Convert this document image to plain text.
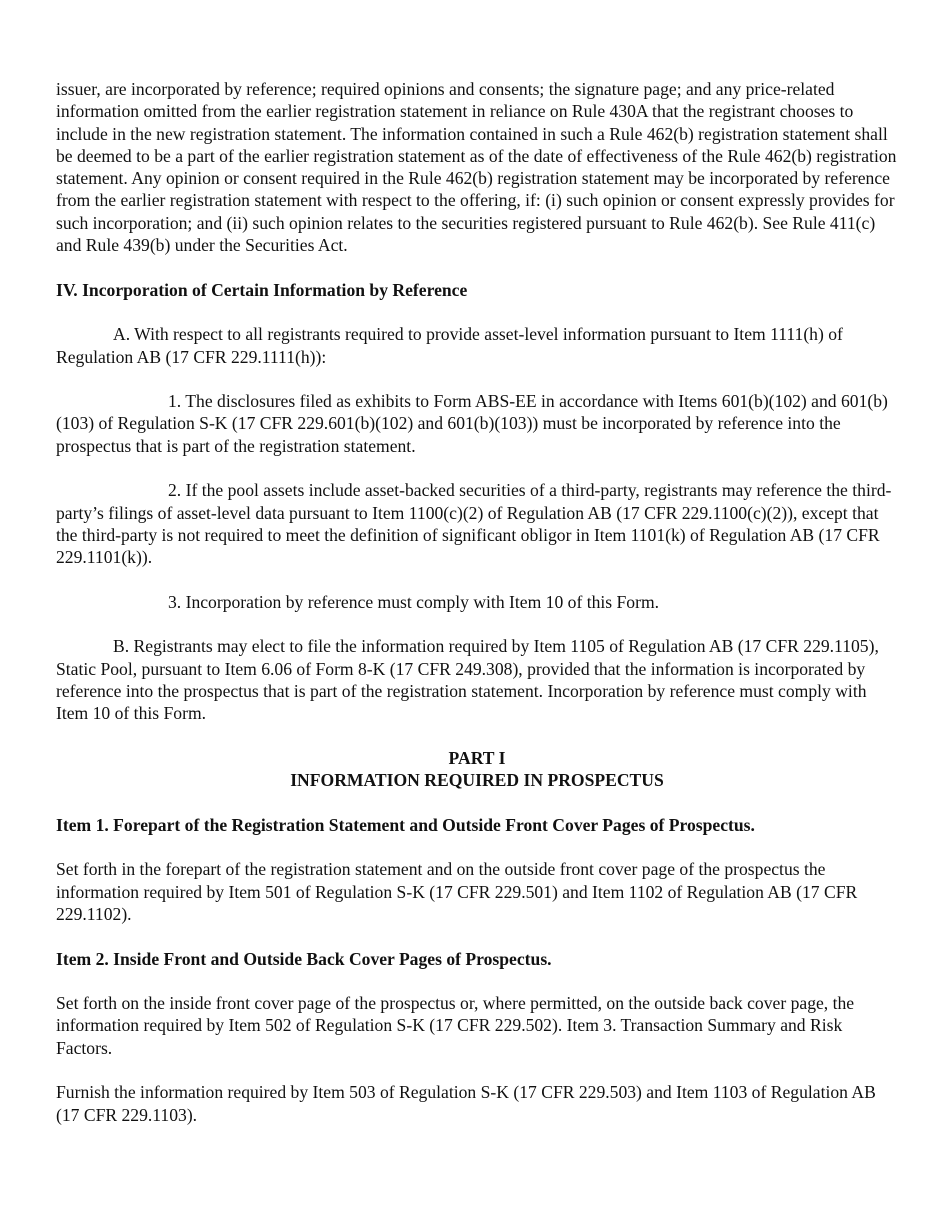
issuer, are incorporated by reference; required opinions and consents; the signature page; and any price-related information omitted from the earlier registration statement in reliance on Rule 430A that the registrant chooses to include in the new registration statement. The information contained in such a Rule 462(b) registration statement shall be deemed to be a part of the earlier registration statement as of the date of effectiveness of the Rule 462(b) registration statement. Any opinion or consent required in the Rule 462(b) registration statement may be incorporated by reference from the earlier registration statement with respect to the offering, if: (i) such opinion or consent expressly provides for such incorporation; and (ii) such opinion relates to the securities registered pursuant to Rule 462(b). See Rule 411(c) and Rule 439(b) under the Securities Act.

IV. Incorporation of Certain Information by Reference

A. With respect to all registrants required to provide asset-level information pursuant to Item 1111(h) of Regulation AB (17 CFR 229.1111(h)):

1. The disclosures filed as exhibits to Form ABS-EE in accordance with Items 601(b)(102) and 601(b)(103) of Regulation S-K (17 CFR 229.601(b)(102) and 601(b)(103)) must be incorporated by reference into the prospectus that is part of the registration statement.

2. If the pool assets include asset-backed securities of a third-party, registrants may reference the third-party’s filings of asset-level data pursuant to Item 1100(c)(2) of Regulation AB (17 CFR 229.1100(c)(2)), except that the third-party is not required to meet the definition of significant obligor in Item 1101(k) of Regulation AB (17 CFR 229.1101(k)).

3. Incorporation by reference must comply with Item 10 of this Form.

B. Registrants may elect to file the information required by Item 1105 of Regulation AB (17 CFR 229.1105), Static Pool, pursuant to Item 6.06 of Form 8-K (17 CFR 249.308), provided that the information is incorporated by reference into the prospectus that is part of the registration statement. Incorporation by reference must comply with Item 10 of this Form.

PART I
INFORMATION REQUIRED IN PROSPECTUS

Item 1. Forepart of the Registration Statement and Outside Front Cover Pages of Prospectus.

Set forth in the forepart of the registration statement and on the outside front cover page of the prospectus the information required by Item 501 of Regulation S-K (17 CFR 229.501) and Item 1102 of Regulation AB (17 CFR 229.1102).

Item 2. Inside Front and Outside Back Cover Pages of Prospectus.

Set forth on the inside front cover page of the prospectus or, where permitted, on the outside back cover page, the information required by Item 502 of Regulation S-K (17 CFR 229.502). Item 3. Transaction Summary and Risk Factors.

Furnish the information required by Item 503 of Regulation S-K (17 CFR 229.503) and Item 1103 of Regulation AB (17 CFR 229.1103).
